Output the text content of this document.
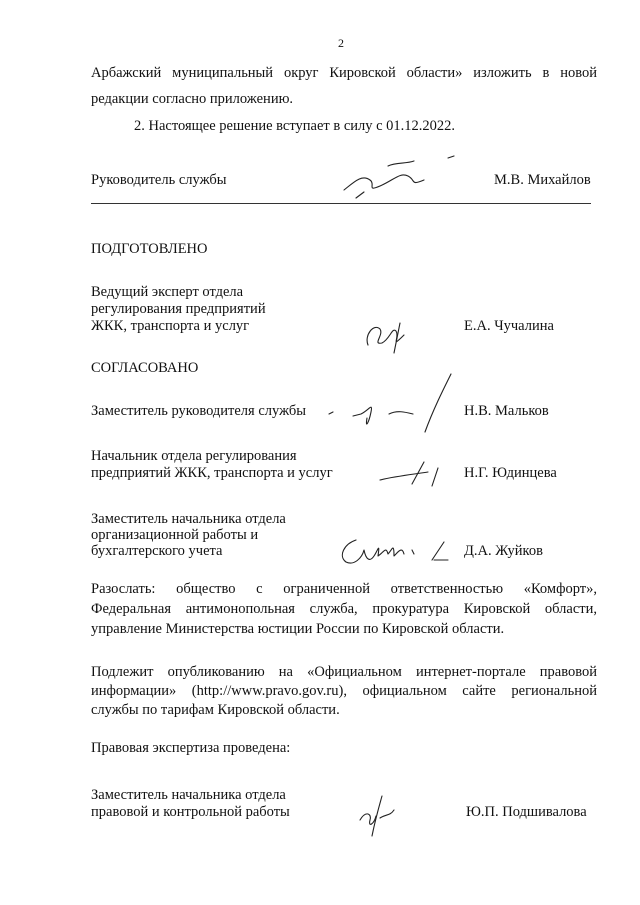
2
Арбажский муниципальный округ Кировской области» изложить в новой
редакции согласно приложению.
2. Настоящее решение вступает в силу с 01.12.2022.
Руководитель службы	М.В. Михайлов
ПОДГОТОВЛЕНО
Ведущий эксперт отдела
регулирования предприятий
ЖКК, транспорта и услуг	Е.А. Чучалина
СОГЛАСОВАНО
Заместитель руководителя службы	Н.В. Мальков
Начальник отдела регулирования
предприятий ЖКК, транспорта и услуг	Н.Г. Юдинцева
Заместитель начальника отдела
организационной работы и
бухгалтерского учета	Д.А. Жуйков
Разослать: общество с ограниченной ответственностью «Комфорт»,
Федеральная антимонопольная служба, прокуратура Кировской области,
управление Министерства юстиции России по Кировской области.
Подлежит опубликованию на «Официальном интернет-портале правовой
информации» (http://www.pravo.gov.ru), официальном сайте региональной
службы по тарифам Кировской области.
Правовая экспертиза проведена:
Заместитель начальника отдела
правовой и контрольной работы	Ю.П. Подшивалова
